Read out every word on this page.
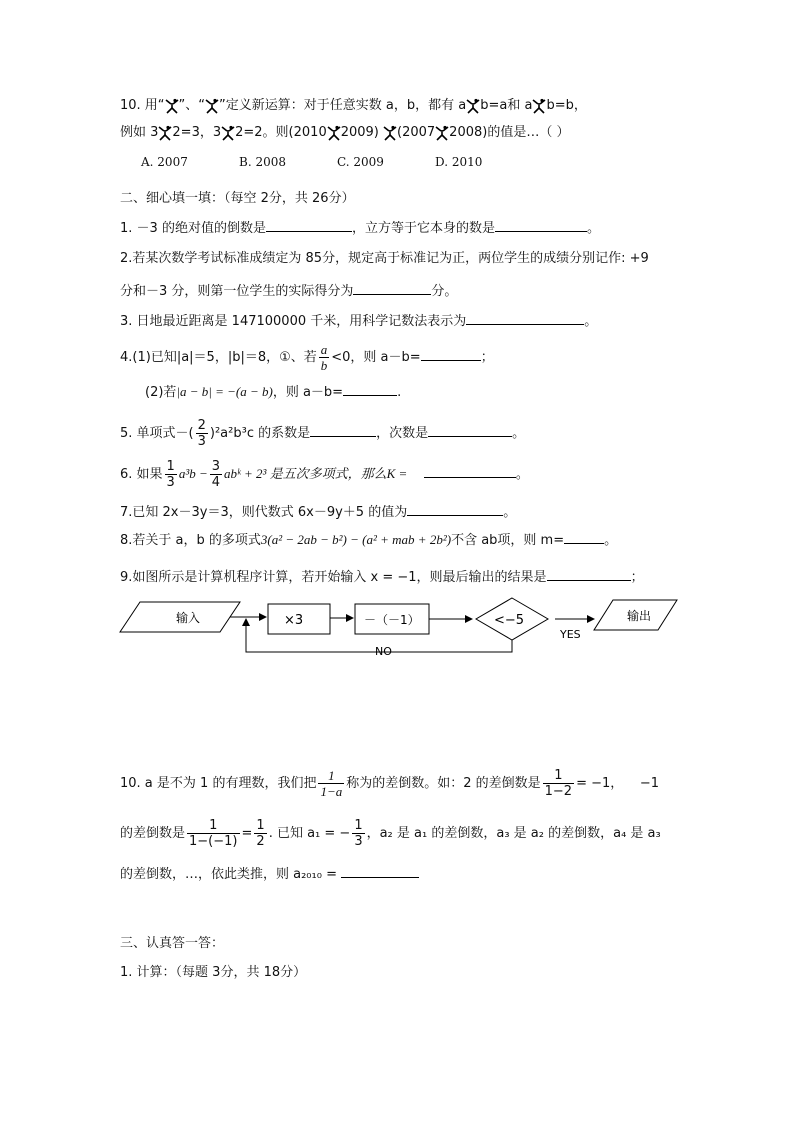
10. 用“ ”、“ ”定义新运算：对于任意实数 a，b，都有 a b=a和 a b=b，
例如 3 2=3，3 2=2。则(2010 2009) (2007 2008)的值是…（ ）
A. 2007	B. 2008	C. 2009	D. 2010
二、细心填一填：（每空 2分，共 26分）
1. －3 的绝对值的倒数是	，立方等于它本身的数是	。
2.若某次数学考试标准成绩定为 85分，规定高于标准记为正，两位学生的成绩分别记作: +9
分和－3 分，则第一位学生的实际得分为	分。
3. 日地最近距离是 147100000 千米，用科学记数法表示为	。
4.(1)已知|a|＝5，|b|＝8，①、若 $\frac{a}{b} <0$，则 a－b=	；
(2)若|a − b| = −(a − b)，则 a－b=	.
5. 单项式－( $\frac{2}{3} )^2a^2b^3c$ 的系数是	，次数是	。
6. 如果 $\frac{1}{3} a^3b - \frac{3}{4}$ abᵏ + 2³ 是五次多项式，那么K =	。
7.已知 2x－3y＝3，则代数式 6x－9y＋5 的值为	。
8.若关于 a，b 的多项式3(a² − 2ab − b²) − (a² + mab + 2b²)不含 ab项，则 m=	。
9.如图所示是计算机程序计算，若开始输入 x = −1，则最后输出的结果是	；
输入	×3	－（－1）	<−5
YES
输出
NO
10. a 是不为 1 的有理数，我们把 $\frac{1}{1-a}$ 称为的差倒数。如：2 的差倒数是 $\frac{1}{1-2} = -1$， −1
的差倒数是 $\frac{1}{1-(-1)} = \frac{1}{2}$ . 已知 a₁ = − $\frac{1}{3}$ ，a₂ 是 a₁ 的差倒数，a₃ 是 a₂ 的差倒数，a₄ 是 a₃
的差倒数，…，依此类推，则 a₂₀₁₀ =
三、认真答一答：
1. 计算：（每题 3分，共 18分）
